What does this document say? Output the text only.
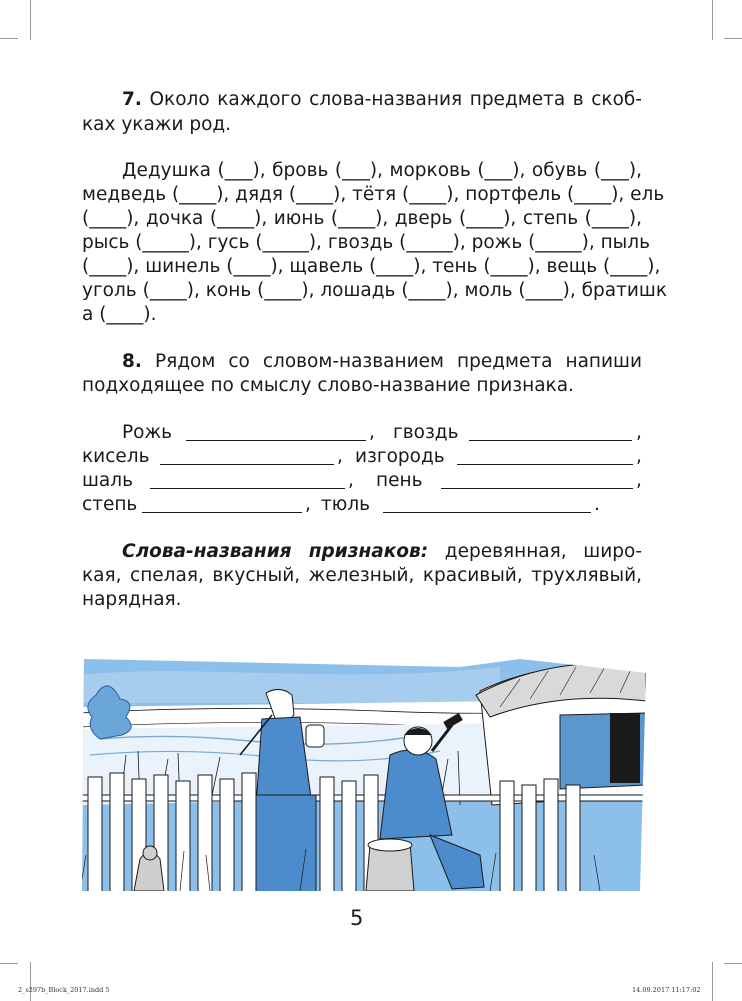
7. Около каждого слова-названия предмета в скоб-
ках укажи род.
Дедушка (___), бровь (___), морковь (___), обувь (___),
медведь (____), дядя (____), тётя (____), портфель (____), ель
(____), дочка (____), июнь (____), дверь (____), степь (____),
рысь (_____), гусь (_____), гвоздь (_____), рожь (_____), пыль
(____), шинель (____), щавель (____), тень (____), вещь (____),
уголь (____), конь (____), лошадь (____), моль (____), братишк
а (____).
8. Рядом со словом-названием предмета напиши
подходящее по смыслу слово-название признака.
Рожь	, гвоздь	,
кисель	, изгородь	,
шаль	, пень	,
степь	, тюль	.
Слова-названия признаков: деревянная, широ-
кая, спелая, вкусный, железный, красивый, трухлявый,
нарядная.
5
2_s297b_Block_2017.indd 5	14.09.2017 11:17:02
